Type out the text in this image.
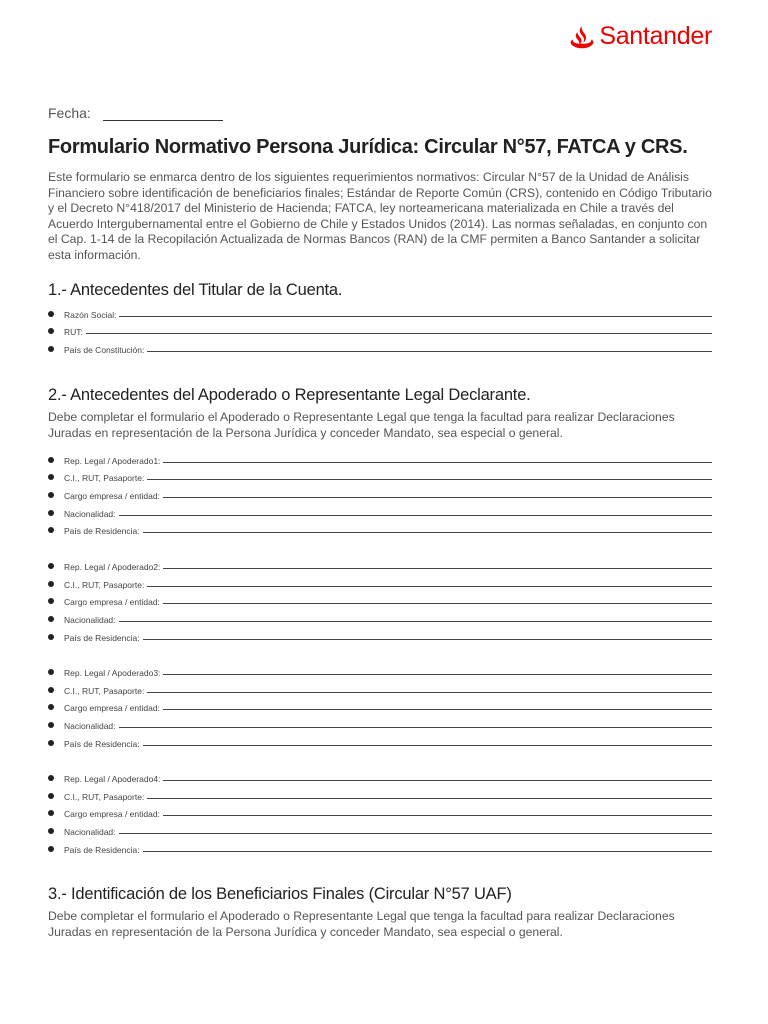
Santander
Fecha:
Formulario Normativo Persona Jurídica: Circular N°57, FATCA y CRS.

Este formulario se enmarca dentro de los siguientes requerimientos normativos: Circular N°57 de la Unidad de Análisis Financiero sobre identificación de beneficiarios finales; Estándar de Reporte Común (CRS), contenido en Código Tributario y el Decreto N°418/2017 del Ministerio de Hacienda; FATCA, ley norteamericana materializada en Chile a través del Acuerdo Intergubernamental entre el Gobierno de Chile y Estados Unidos (2014). Las normas señaladas, en conjunto con el Cap. 1-14 de la Recopilación Actualizada de Normas Bancos (RAN) de la CMF permiten a Banco Santander a solicitar esta información.

1.- Antecedentes del Titular de la Cuenta.
Razón Social:
RUT:
País de Constitución:
2.- Antecedentes del Apoderado o Representante Legal Declarante.

Debe completar el formulario el Apoderado o Representante Legal que tenga la facultad para realizar Declaraciones Juradas en representación de la Persona Jurídica y conceder Mandato, sea especial o general.

Rep. Legal / Apoderado1:
C.I., RUT, Pasaporte:
Cargo empresa / entidad:
Nacionalidad:
País de Residencia:
Rep. Legal / Apoderado2:
C.I., RUT, Pasaporte:
Cargo empresa / entidad:
Nacionalidad:
País de Residencia:
Rep. Legal / Apoderado3:
C.I., RUT, Pasaporte:
Cargo empresa / entidad:
Nacionalidad:
País de Residencia:
Rep. Legal / Apoderado4:
C.I., RUT, Pasaporte:
Cargo empresa / entidad:
Nacionalidad:
País de Residencia:
3.- Identificación de los Beneficiarios Finales (Circular N°57 UAF)

Debe completar el formulario el Apoderado o Representante Legal que tenga la facultad para realizar Declaraciones Juradas en representación de la Persona Jurídica y conceder Mandato, sea especial o general.
